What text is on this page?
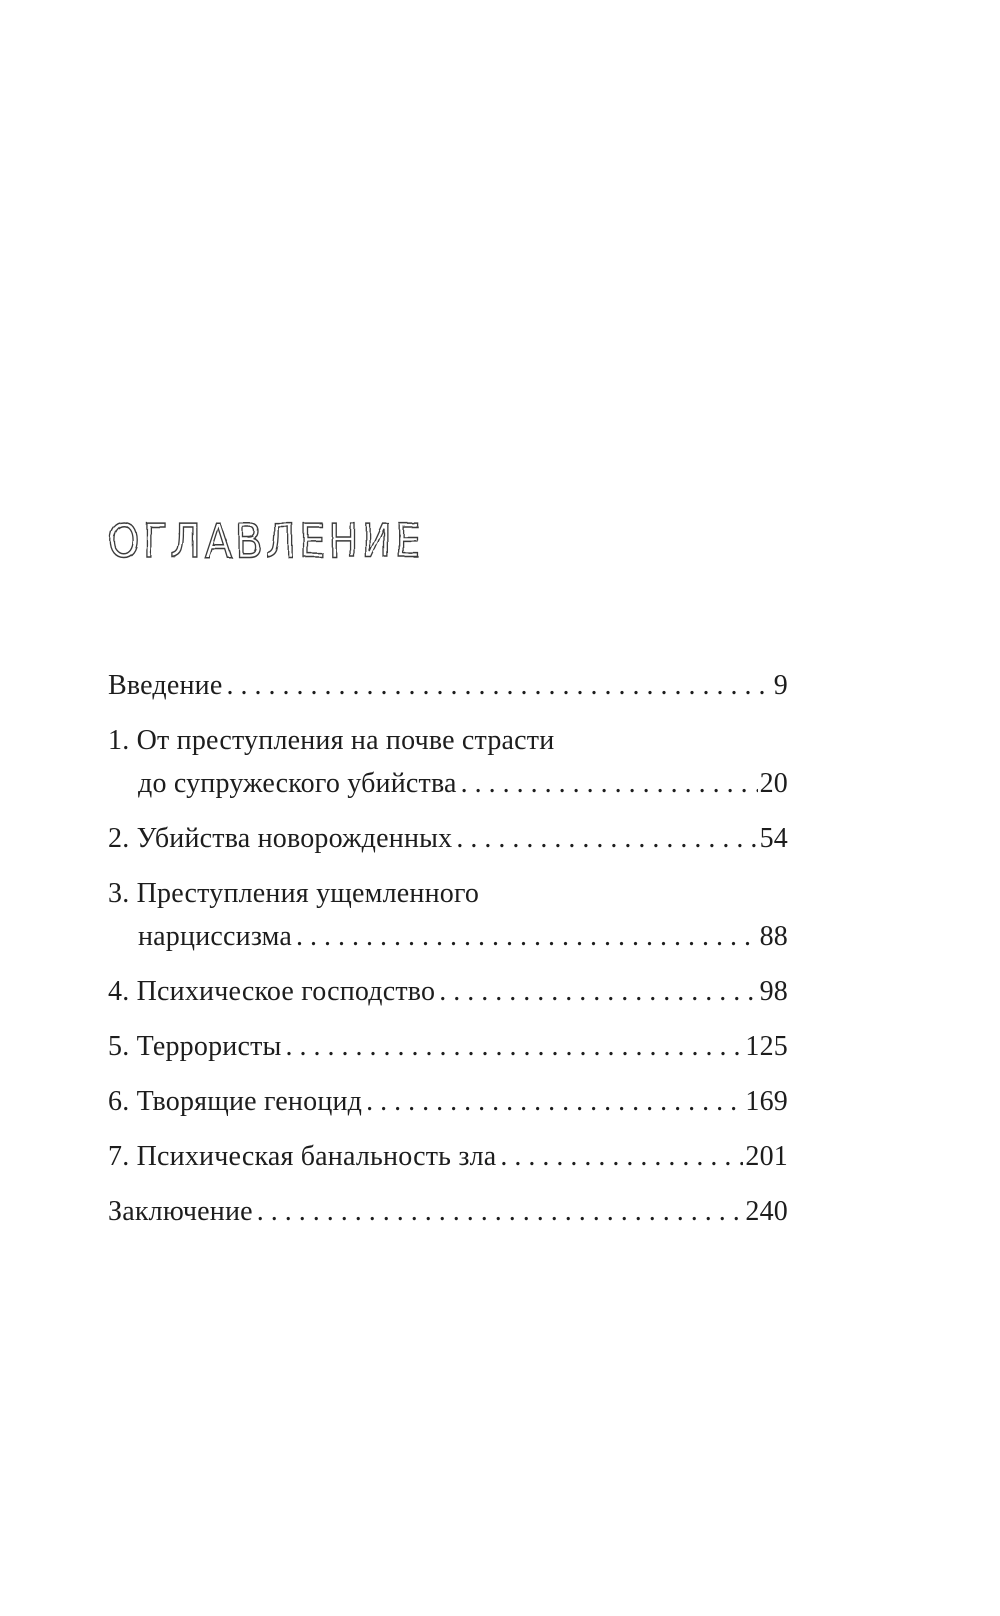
ОГЛАВЛЕНИЕ
Введение .....	9
1. От преступления на почве страсти
до супружеского убийства .....	20
2. Убийства новорожденных .....	54
3. Преступления ущемленного
нарциссизма .....	88
4. Психическое господство .....	98
5. Террористы .....	125
6. Творящие геноцид .....	169
7. Психическая банальность зла .....	201
Заключение .....	240
